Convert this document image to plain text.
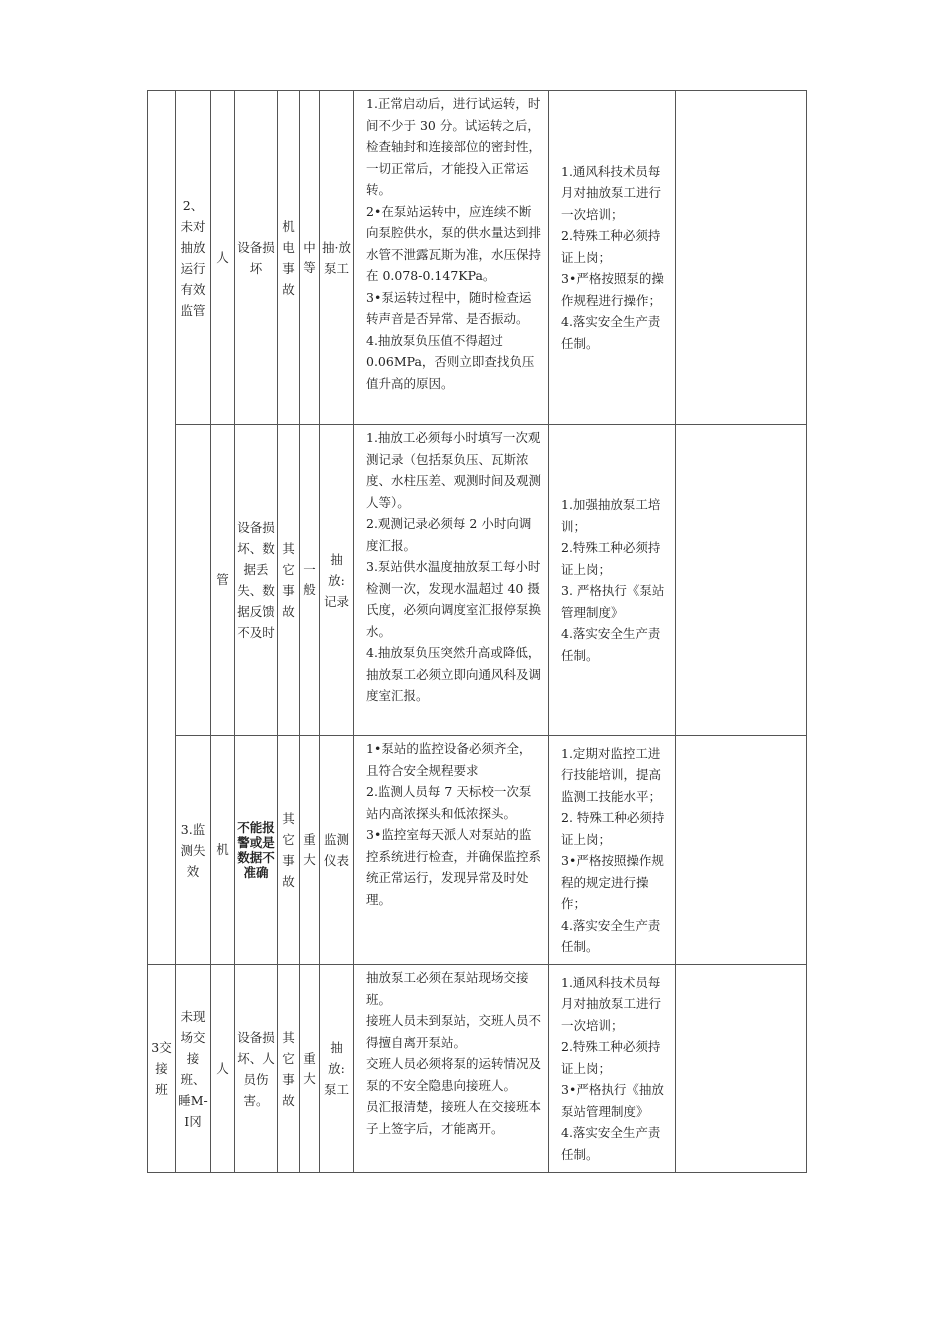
	2、未对抽放运行有效监管	人	设备损坏	机电事故	中等	抽·放泵工	1.正常启动后，进行试运转，时间不少于 30 分。试运转之后，检查轴封和连接部位的密封性，一切正常后，才能投入正常运转。
2•在泵站运转中，应连续不断向泵腔供水，泵的供水量达到排水管不泄露瓦斯为准，水压保持在 0.078-0.147KPa。
3•泵运转过程中，随时检查运转声音是否异常、是否振动。
4.抽放泵负压值不得超过 0.06MPa，否则立即查找负压值升高的原因。	1.通风科技术员每月对抽放泵工进行一次培训；
2.特殊工种必须持证上岗；
3•严格按照泵的操作规程进行操作；
4.落实安全生产责任制。	

		管	设备损坏、数据丢失、数据反馈不及时	其它事故	一般	抽放:记录	1.抽放工必须每小时填写一次观测记录（包括泵负压、瓦斯浓度、水柱压差、观测时间及观测人等）。
2.观测记录必须每 2 小时向调度汇报。
3.泵站供水温度抽放泵工每小时检测一次，发现水温超过 40 摄氏度，必须向调度室汇报停泵换水。
4.抽放泵负压突然升高或降低，抽放泵工必须立即向通风科及调度室汇报。	1.加强抽放泵工培训；
2.特殊工种必须持证上岗；
3. 严格执行《泵站管理制度》
4.落实安全生产责任制。	

	3.监测失效	机	不能报警或是数据不准确	其它事故	重大	监测仪表	1•泵站的监控设备必须齐全，且符合安全规程要求
2.监测人员每 7 天标校一次泵站内高浓探头和低浓探头。
3•监控室每天派人对泵站的监控系统进行检查，并确保监控系统正常运行，发现异常及时处理。	1.定期对监控工进行技能培训，提高监测工技能水平；
2. 特殊工种必须持证上岗；
3•严格按照操作规程的规定进行操作；
4.落实安全生产责任制。	

3交接班	未现场交接班、睡M-I冈	人	设备损坏、人员伤害。	其它事故	重大	抽放:泵工	抽放泵工必须在泵站现场交接班。
接班人员未到泵站，交班人员不得擅自离开泵站。
交班人员必须将泵的运转情况及泵的不安全隐患向接班人。
员汇报清楚，接班人在交接班本子上签字后，才能离开。	1.通风科技术员每月对抽放泵工进行一次培训；
2.特殊工种必须持证上岗；
3•严格执行《抽放泵站管理制度》
4.落实安全生产责任制。	
